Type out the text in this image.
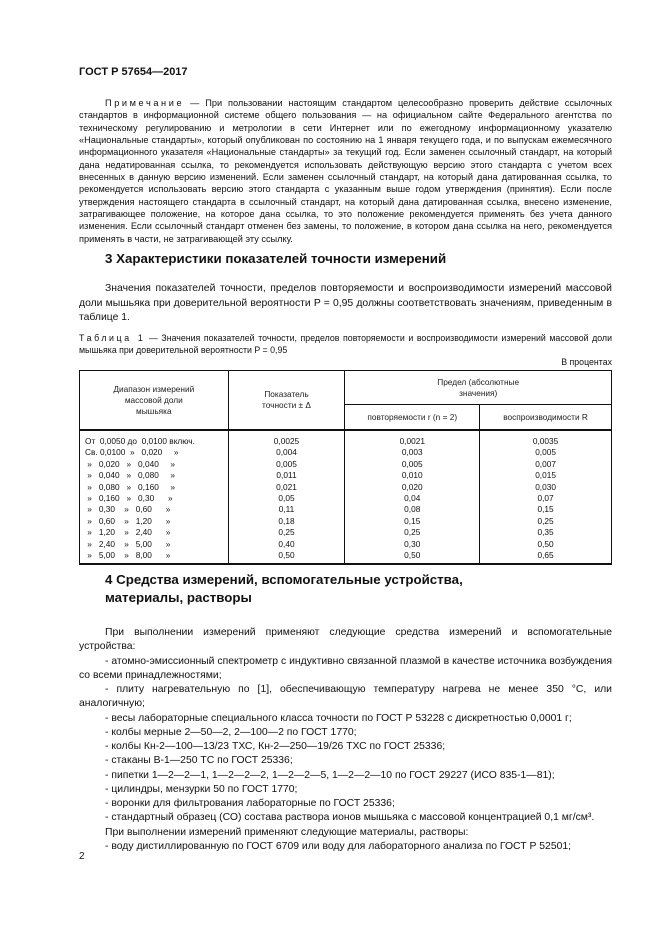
ГОСТ Р 57654—2017

Примечание — При пользовании настоящим стандартом целесообразно проверить действие ссылочных стандартов в информационной системе общего пользования — на официальном сайте Федерального агентства по техническому регулированию и метрологии в сети Интернет или по ежегодному информационному указателю «Национальные стандарты», который опубликован по состоянию на 1 января текущего года, и по выпускам ежемесячного информационного указателя «Национальные стандарты» за текущий год. Если заменен ссылочный стандарт, на который дана недатированная ссылка, то рекомендуется использовать действующую версию этого стандарта с учетом всех внесенных в данную версию изменений. Если заменен ссылочный стандарт, на который дана датированная ссылка, то рекомендуется использовать версию этого стандарта с указанным выше годом утверждения (принятия). Если после утверждения настоящего стандарта в ссылочный стандарт, на который дана датированная ссылка, внесено изменение, затрагивающее положение, на которое дана ссылка, то это положение рекомендуется применять без учета данного изменения. Если ссылочный стандарт отменен без замены, то положение, в котором дана ссылка на него, рекомендуется применять в части, не затрагивающей эту ссылку.

3 Характеристики показателей точности измерений

Значения показателей точности, пределов повторяемости и воспроизводимости измерений массовой доли мышьяка при доверительной вероятности P = 0,95 должны соответствовать значениям, приведенным в таблице 1.

Таблица 1 — Значения показателей точности, пределов повторяемости и воспроизводимости измерений массовой доли мышьяка при доверительной вероятности P = 0,95
В процентах
Диапазон измерений массовой доли мышьяка	Показатель точности ± Δ	Предел (абсолютные значения)	
		повторяемости r (n = 2)	воспроизводимости R
От  0,0050 до  0,0100 включ.	0,0025	0,0021	0,0035
Св. 0,0100  »   0,020     »	0,004	0,003	0,005
»   0,020   »   0,040     »	0,005	0,005	0,007
»   0,040   »   0,080     »	0,011	0,010	0,015
»   0,080   »   0,160     »	0,021	0,020	0,030
»   0,160   »   0,30      »	0,05	0,04	0,07
»   0,30    »   0,60      »	0,11	0,08	0,15
»   0,60    »   1,20      »	0,18	0,15	0,25
»   1,20    »   2,40      »	0,25	0,25	0,35
»   2,40    »   5,00      »	0,40	0,30	0,50
»   5,00    »   8,00      »	0,50	0,50	0,65
4 Средства измерений, вспомогательные устройства,
материалы, растворы

При выполнении измерений применяют следующие средства измерений и вспомогательные устройства:

- атомно-эмиссионный спектрометр с индуктивно связанной плазмой в качестве источника возбуждения со всеми принадлежностями;

- плиту нагревательную по [1], обеспечивающую температуру нагрева не менее 350 °С, или аналогичную;

- весы лабораторные специального класса точности по ГОСТ Р 53228 с дискретностью 0,0001 г;

- колбы мерные 2—50—2, 2—100—2 по ГОСТ 1770;

- колбы Кн-2—100—13/23 ТХС, Кн-2—250—19/26 ТХС по ГОСТ 25336;

- стаканы В-1—250 ТС по ГОСТ 25336;

- пипетки 1—2—2—1, 1—2—2—2, 1—2—2—5, 1—2—2—10 по ГОСТ 29227 (ИСО 835-1—81);

- цилиндры, мензурки 50 по ГОСТ 1770;

- воронки для фильтрования лабораторные по ГОСТ 25336;

- стандартный образец (СО) состава раствора ионов мышьяка с массовой концентрацией 0,1 мг/см³.

При выполнении измерений применяют следующие материалы, растворы:

- воду дистиллированную по ГОСТ 6709 или воду для лабораторного анализа по ГОСТ Р 52501;

2
